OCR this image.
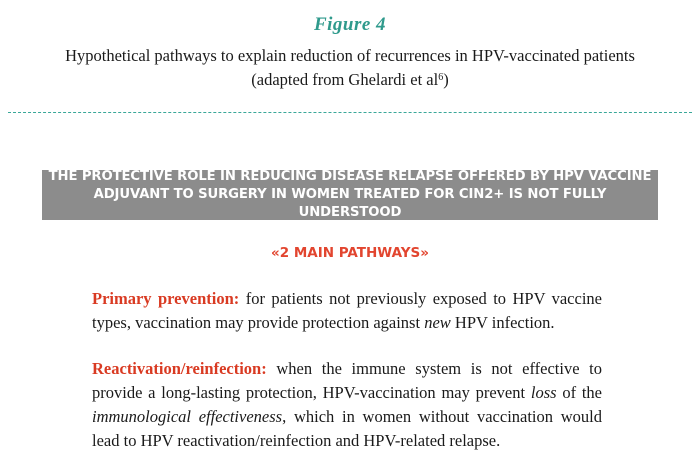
Figure 4
Hypothetical pathways to explain reduction of recurrences in HPV-vaccinated patients
(adapted from Ghelardi et al$^6$)
THE PROTECTIVE ROLE IN REDUCING DISEASE RELAPSE OFFERED BY HPV VACCINE
ADJUVANT TO SURGERY IN WOMEN TREATED FOR CIN2+ IS NOT FULLY UNDERSTOOD
«2 MAIN PATHWAYS»
Primary prevention: for patients not previously exposed to HPV vaccine types, vaccination may provide protection against new HPV infection.
Reactivation/reinfection: when the immune system is not effective to provide a long-lasting protection, HPV-vaccination may prevent loss of the immunological effectiveness, which in women without vaccination would lead to HPV reactivation/reinfection and HPV-related relapse.
